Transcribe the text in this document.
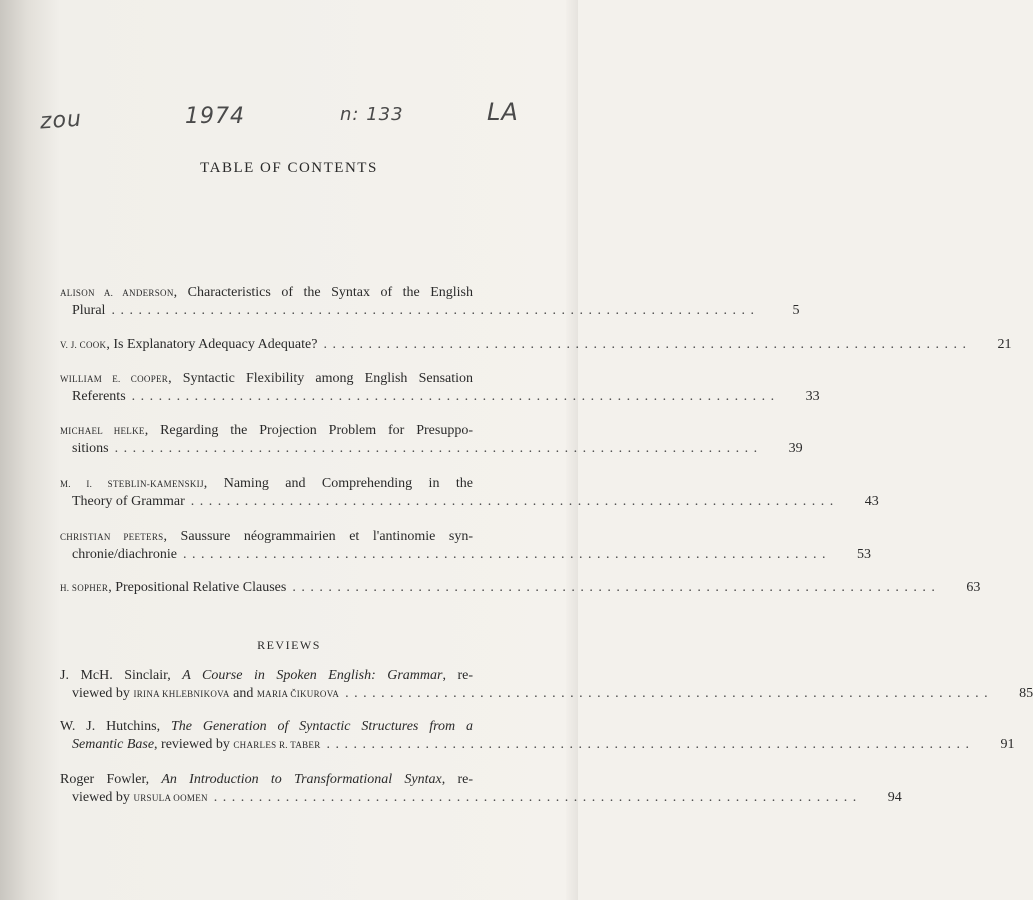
zou	1974	n: 133	LA
TABLE OF CONTENTS
ALISON A. ANDERSON, Characteristics of the Syntax of the English
Plural ........................................................................	5
V. J. COOK, Is Explanatory Adequacy Adequate? ........................................................................	21
WILLIAM E. COOPER, Syntactic Flexibility among English Sensation
Referents ........................................................................	33
MICHAEL HELKE, Regarding the Projection Problem for Presuppo-
sitions ........................................................................	39
M. I. STEBLIN-KAMENSKIJ, Naming and Comprehending in the
Theory of Grammar ........................................................................	43
CHRISTIAN PEETERS, Saussure néogrammairien et l'antinomie syn-
chronie/diachronie ........................................................................	53
H. SOPHER, Prepositional Relative Clauses ........................................................................	63
REVIEWS
J. McH. Sinclair, A Course in Spoken English: Grammar, re-
viewed by IRINA KHLEBNIKOVA and MARIA ČIKUROVA ........................................................................	85
W. J. Hutchins, The Generation of Syntactic Structures from a
Semantic Base, reviewed by CHARLES R. TABER ........................................................................	91
Roger Fowler, An Introduction to Transformational Syntax, re-
viewed by URSULA OOMEN ........................................................................	94
